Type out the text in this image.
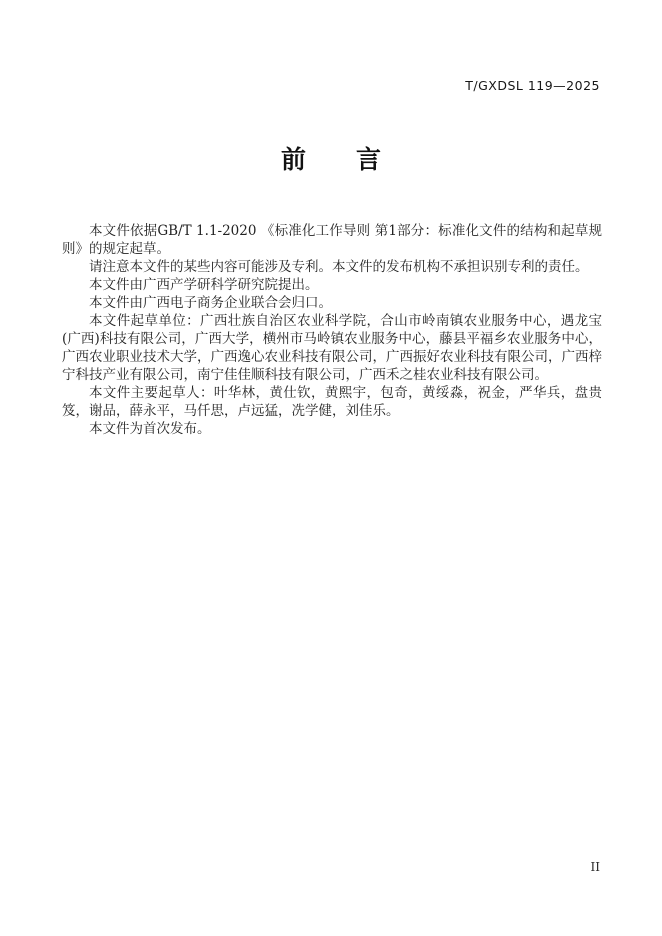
T/GXDSL 119—2025
前　　言

本文件依据GB/T 1.1-2020 《标准化工作导则 第1部分：标准化文件的结构和起草规则》的规定起草。

请注意本文件的某些内容可能涉及专利。本文件的发布机构不承担识别专利的责任。

本文件由广西产学研科学研究院提出。

本文件由广西电子商务企业联合会归口。

本文件起草单位：广西壮族自治区农业科学院，合山市岭南镇农业服务中心，遇龙宝(广西)科技有限公司，广西大学，横州市马岭镇农业服务中心，藤县平福乡农业服务中心，广西农业职业技术大学，广西逸心农业科技有限公司，广西振好农业科技有限公司，广西梓宁科技产业有限公司，南宁佳佳顺科技有限公司，广西禾之桂农业科技有限公司。

本文件主要起草人：叶华林，黄仕钦，黄熙宇，包奇，黄绥淼，祝金，严华兵，盘贵笈，谢品，薛永平，马仟思，卢远猛，冼学健，刘佳乐。

本文件为首次发布。

II
